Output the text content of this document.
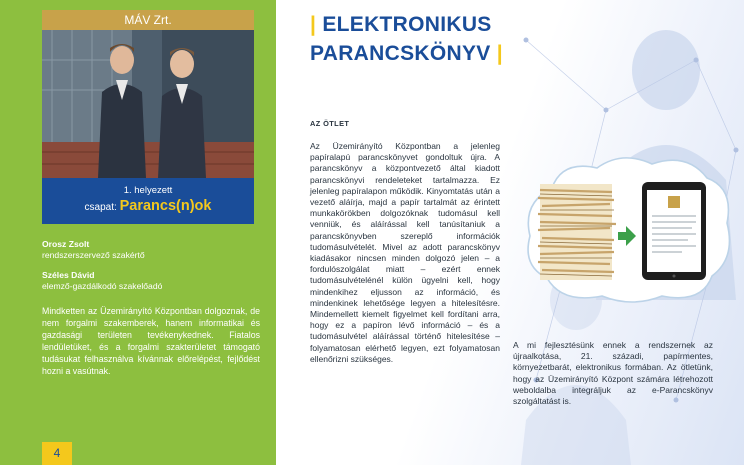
MÁV Zrt.
1. helyezett
csapat: Parancs(n)ok
Orosz Zsolt
rendszerszervező szakértő
Széles Dávid
elemző-gazdálkodó szakelőadó

Mindketten az Üzemirányító Központban dolgoznak, de nem forgalmi szakemberek, hanem informatikai és gazdasági területen tevékenykednek. Fiatalos lendületüket, és a forgalmi szakterületet támogató tudásukat felhasználva kívánnak előrelépést, fejlődést hozni a vasútnak.

4
| ELEKTRONIKUS
PARANCSKÖNYV |
AZ ÖTLET

Az Üzemirányító Központban a jelenleg papíralapú parancskönyvet gondoltuk újra. A parancskönyv a központvezető által kiadott parancskönyvi rendeleteket tartalmazza. Ez jelenleg papíralapon működik. Kinyomtatás után a vezető aláírja, majd a papír tartalmát az érintett munkakörökben dolgozóknak tudomásul kell venniük, és aláírással kell tanúsítaniuk a parancskönyvben szereplő információk tudomásulvételét. Mivel az adott parancskönyv kiadásakor nincsen minden dolgozó jelen – a fordulószolgálat miatt – ezért ennek tudomásulvételénél külön ügyelni kell, hogy mindenkihez eljusson az információ, és mindenkinek lehetősége legyen a hitelesítésre. Mindemellett kiemelt figyelmet kell fordítani arra, hogy ez a papíron lévő információ – és a tudomásulvétel aláírással történő hitelesítése – folyamatosan elérhető legyen, ezt folyamatosan ellenőrizni szükséges.

A mi fejlesztésünk ennek a rendszernek az újraalkotása, 21. századi, papírmentes, környezetbarát, elektronikus formában. Az ötletünk, hogy az Üzemirányító Központ számára létrehozott weboldalba integráljuk az e-Parancskönyv szolgáltatást is.
